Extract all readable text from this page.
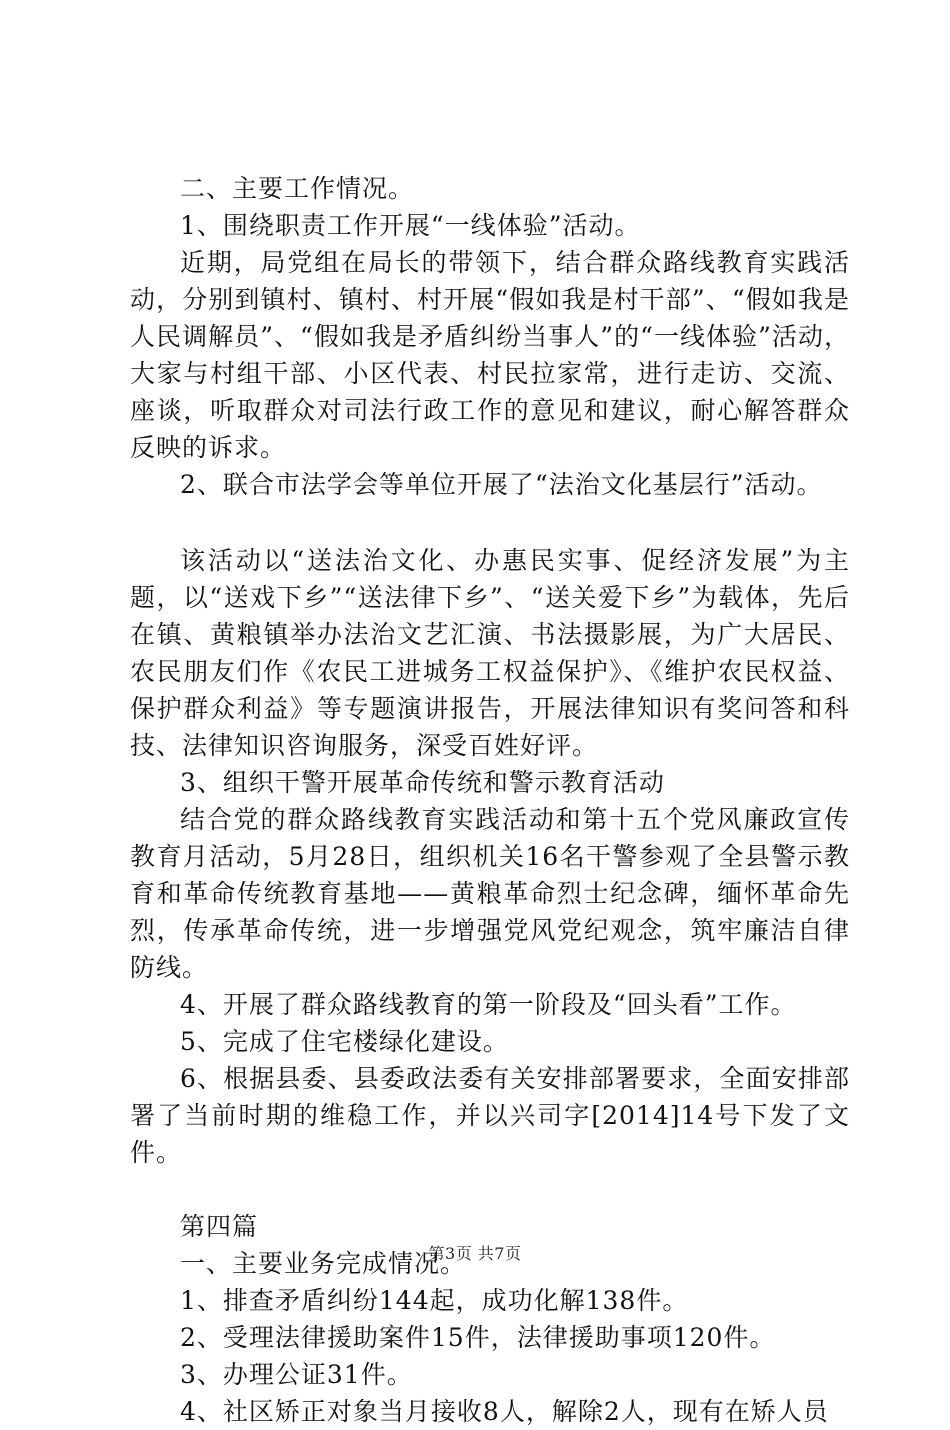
二、主要工作情况。

1、围绕职责工作开展“一线体验”活动。

近期，局党组在局长的带领下，结合群众路线教育实践活动，分别到镇村、镇村、村开展“假如我是村干部”、“假如我是人民调解员”、“假如我是矛盾纠纷当事人”的“一线体验”活动，大家与村组干部、小区代表、村民拉家常，进行走访、交流、座谈，听取群众对司法行政工作的意见和建议，耐心解答群众反映的诉求。

2、联合市法学会等单位开展了“法治文化基层行”活动。

该活动以“送法治文化、办惠民实事、促经济发展”为主题，以“送戏下乡”“送法律下乡”、“送关爱下乡”为载体，先后在镇、黄粮镇举办法治文艺汇演、书法摄影展，为广大居民、农民朋友们作《农民工进城务工权益保护》、《维护农民权益、保护群众利益》等专题演讲报告，开展法律知识有奖问答和科技、法律知识咨询服务，深受百姓好评。

3、组织干警开展革命传统和警示教育活动

结合党的群众路线教育实践活动和第十五个党风廉政宣传教育月活动，5月28日，组织机关16名干警参观了全县警示教育和革命传统教育基地——黄粮革命烈士纪念碑，缅怀革命先烈，传承革命传统，进一步增强党风党纪观念，筑牢廉洁自律防线。

4、开展了群众路线教育的第一阶段及“回头看”工作。

5、完成了住宅楼绿化建设。

6、根据县委、县委政法委有关安排部署要求，全面安排部署了当前时期的维稳工作，并以兴司字[2014]14号下发了文件。

第四篇

一、主要业务完成情况。

1、排查矛盾纠纷144起，成功化解138件。

2、受理法律援助案件15件，法律援助事项120件。

3、办理公证31件。

4、社区矫正对象当月接收8人，解除2人，现有在矫人员

第3页 共7页
